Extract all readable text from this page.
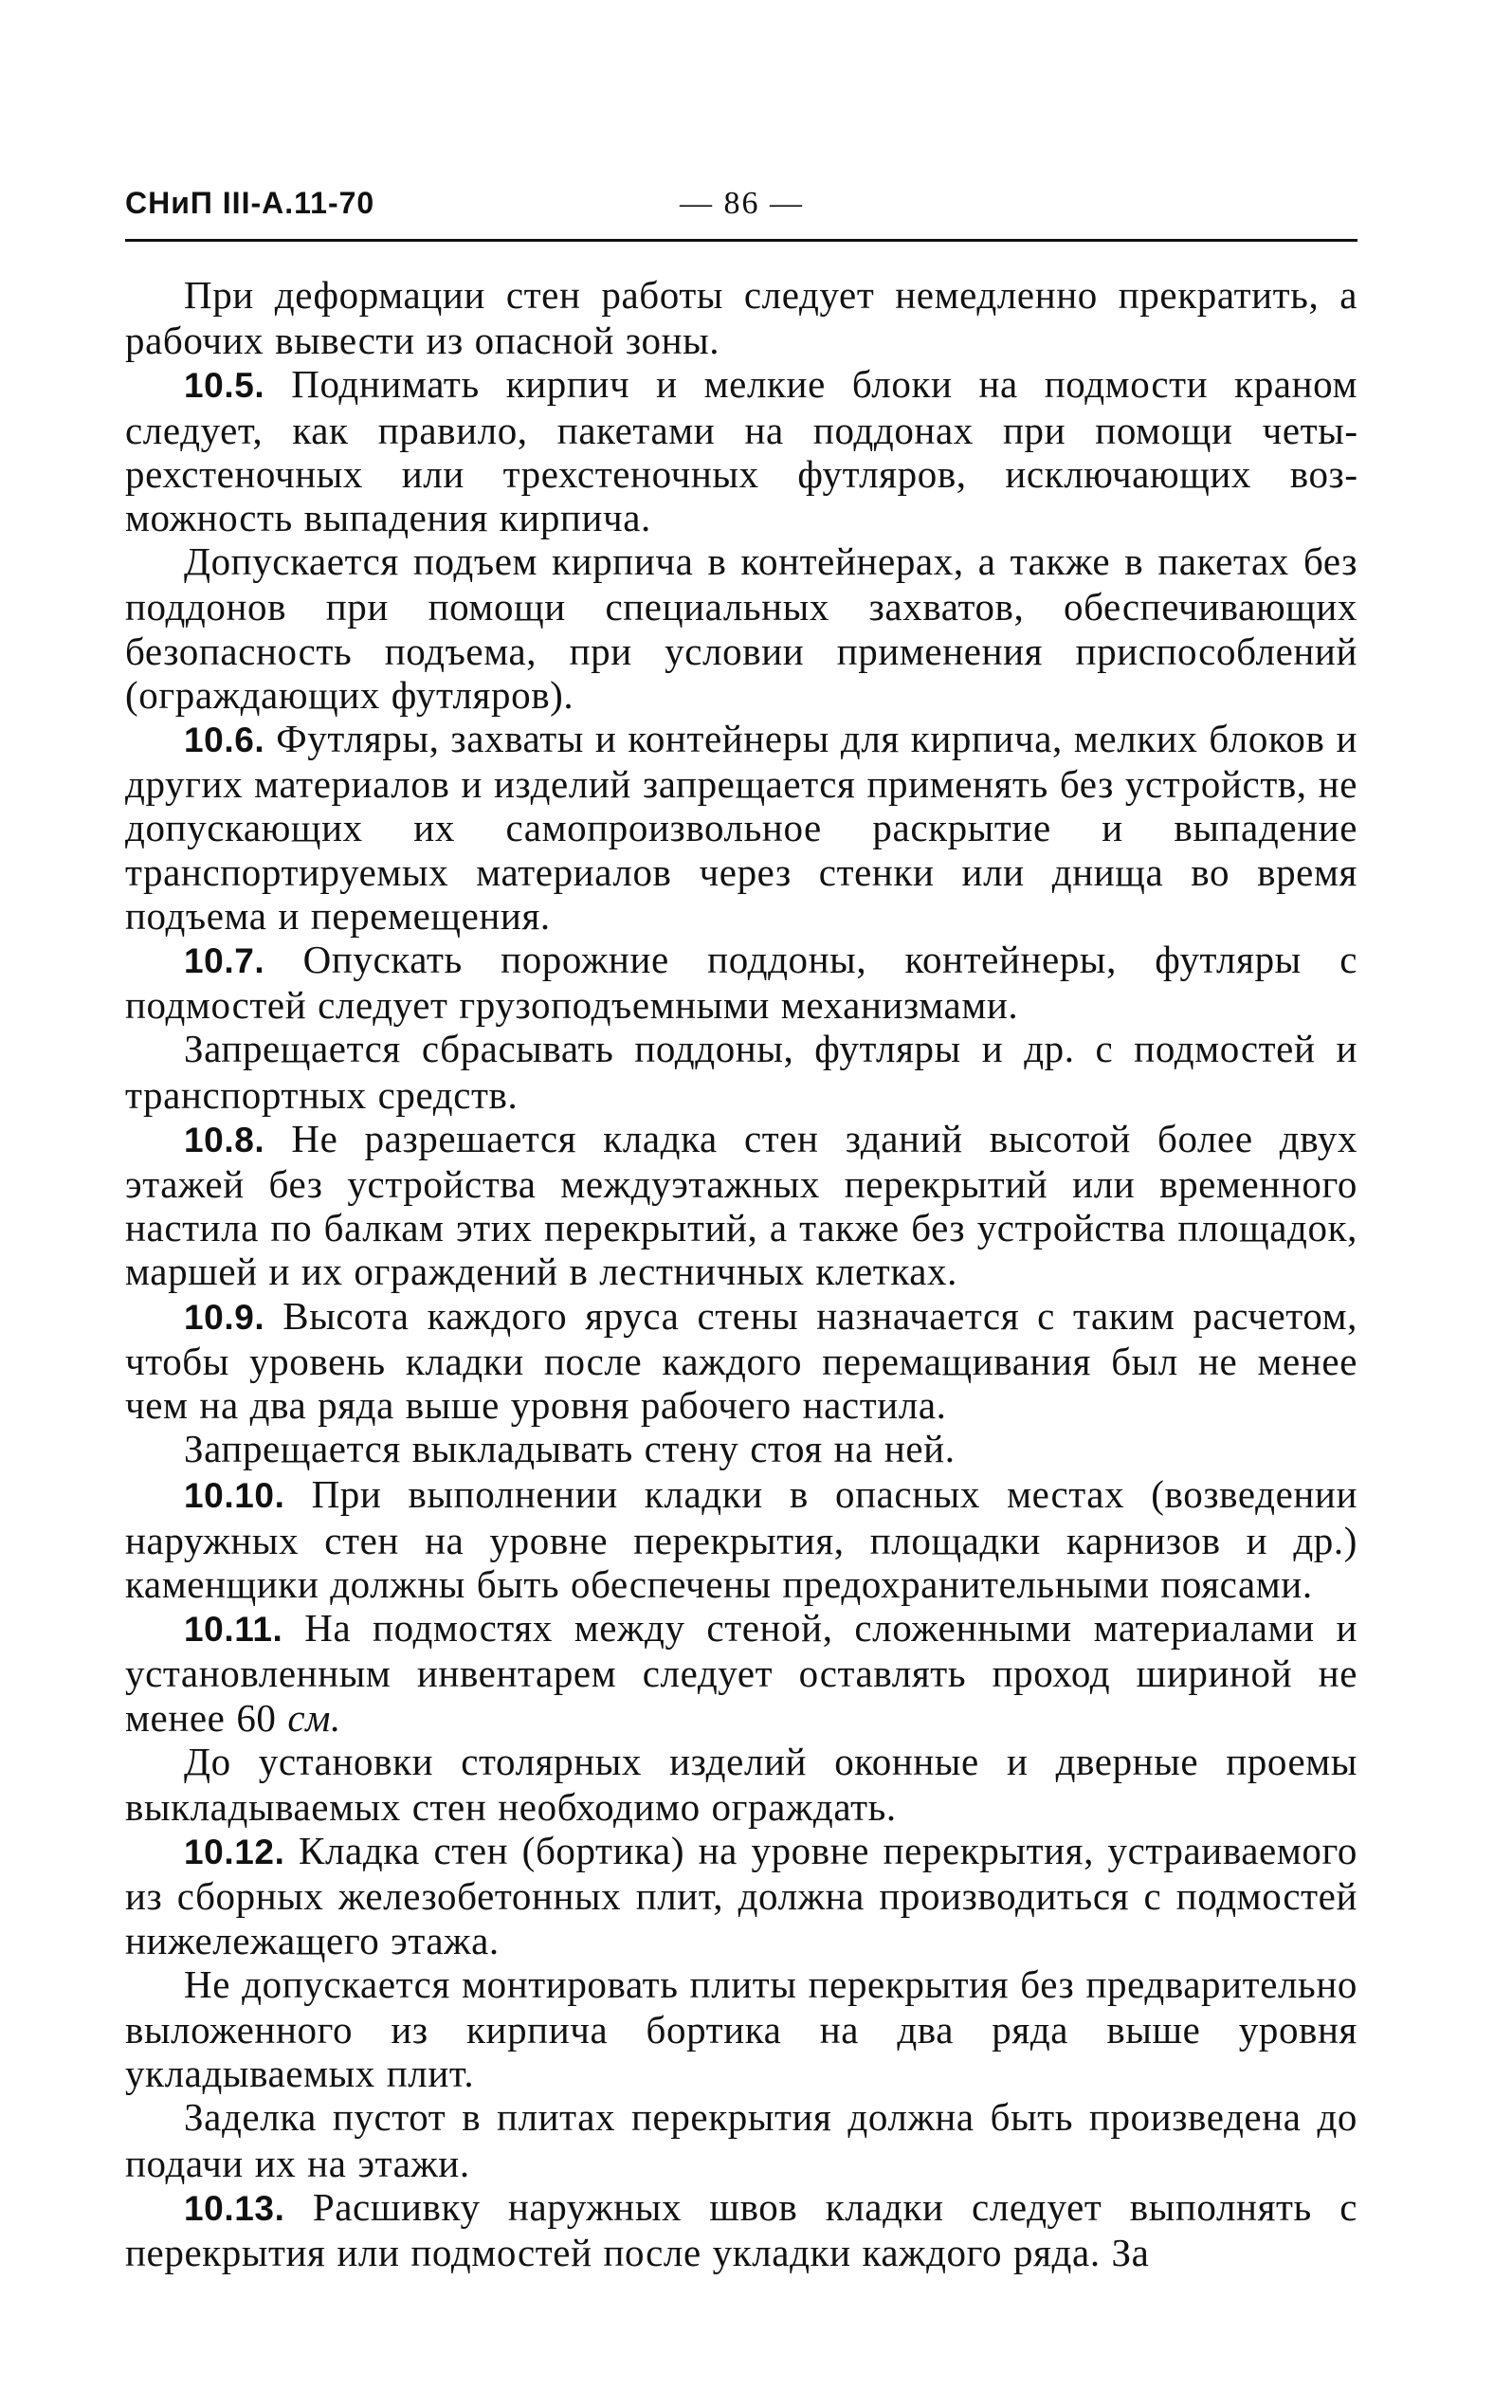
СНиП III-А.11-70	— 86 —

При деформации стен работы следует немедленно прекратить, а рабочих вывести из опасной зоны.

10.5. Поднимать кирпич и мелкие блоки на подмости краном следует, как правило, пакетами на поддонах при помощи четырехстеночных или трехстеночных футляров, исключающих возможность выпадения кирпича.

Допускается подъем кирпича в контейнерах, а также в пакетах без поддонов при помощи специальных захватов, обеспечивающих безопасность подъема, при условии применения приспособлений (ограждающих футляров).

10.6. Футляры, захваты и контейнеры для кирпича, мелких блоков и других материалов и изделий запрещается применять без устройств, не допускающих их самопроизвольное раскрытие и выпадение транспортируемых материалов через стенки или днища во время подъема и перемещения.

10.7. Опускать порожние поддоны, контейнеры, футляры с подмостей следует грузоподъемными механизмами.

Запрещается сбрасывать поддоны, футляры и др. с подмостей и транспортных средств.

10.8. Не разрешается кладка стен зданий высотой более двух этажей без устройства междуэтажных перекрытий или временного настила по балкам этих перекрытий, а также без устройства площадок, маршей и их ограждений в лестничных клетках.

10.9. Высота каждого яруса стены назначается с таким расчетом, чтобы уровень кладки после каждого перемащивания был не менее чем на два ряда выше уровня рабочего настила.

Запрещается выкладывать стену стоя на ней.

10.10. При выполнении кладки в опасных местах (возведении наружных стен на уровне перекрытия, площадки карнизов и др.) каменщики должны быть обеспечены предохранительными поясами.

10.11. На подмостях между стеной, сложенными материалами и установленным инвентарем следует оставлять проход шириной не менее 60 см.

До установки столярных изделий оконные и дверные проемы выкладываемых стен необходимо ограждать.

10.12. Кладка стен (бортика) на уровне перекрытия, устраиваемого из сборных железобетонных плит, должна производиться с подмостей нижележащего этажа.

Не допускается монтировать плиты перекрытия без предварительно выложенного из кирпича бортика на два ряда выше уровня укладываемых плит.

Заделка пустот в плитах перекрытия должна быть произведена до подачи их на этажи.

10.13. Расшивку наружных швов кладки следует выполнять с перекрытия или подмостей после укладки каждого ряда. За
